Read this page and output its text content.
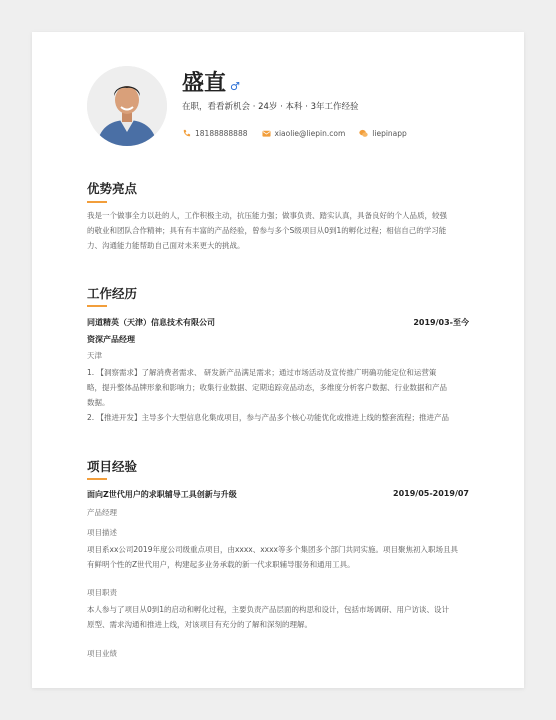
盛直 ♂
在职，看看新机会 · 24岁 · 本科 · 3年工作经验
18188888888	xiaolie@liepin.com	liepinapp
优势亮点
我是一个做事全力以赴的人，工作积极主动，抗压能力强；做事负责、踏实认真，具备良好的个人品质，较强
的敬业和团队合作精神；具有有丰富的产品经验，曾参与多个S级项目从0到1的孵化过程；相信自己的学习能
力、沟通能力能帮助自己面对未来更大的挑战。
工作经历
同道精英（天津）信息技术有限公司	2019/03-至今
资深产品经理
天津
1. 【洞察需求】了解消费者需求、 研发新产品满足需求；通过市场活动及宣传推广明确功能定位和运营策
略，提升整体品牌形象和影响力；收集行业数据、定期追踪竞品动态，多维度分析客户数据、行业数据和产品
数据。
2. 【推进开发】主导多个大型信息化集成项目，参与产品多个核心功能优化或推进上线的整套流程；推进产品
项目经验
面向Z世代用户的求职辅导工具创新与升级	2019/05-2019/07
产品经理
项目描述
项目系xx公司2019年度公司级重点项目，由xxxx、xxxx等多个集团多个部门共同实施。项目聚焦初入职场且具
有鲜明个性的Z世代用户，构建起多业务承载的新一代求职辅导服务和通用工具。
项目职责
本人参与了项目从0到1的启动和孵化过程，主要负责产品层面的构思和设计，包括市场调研、用户访谈、设计
原型、需求沟通和推进上线，对该项目有充分的了解和深刻的理解。
项目业绩
